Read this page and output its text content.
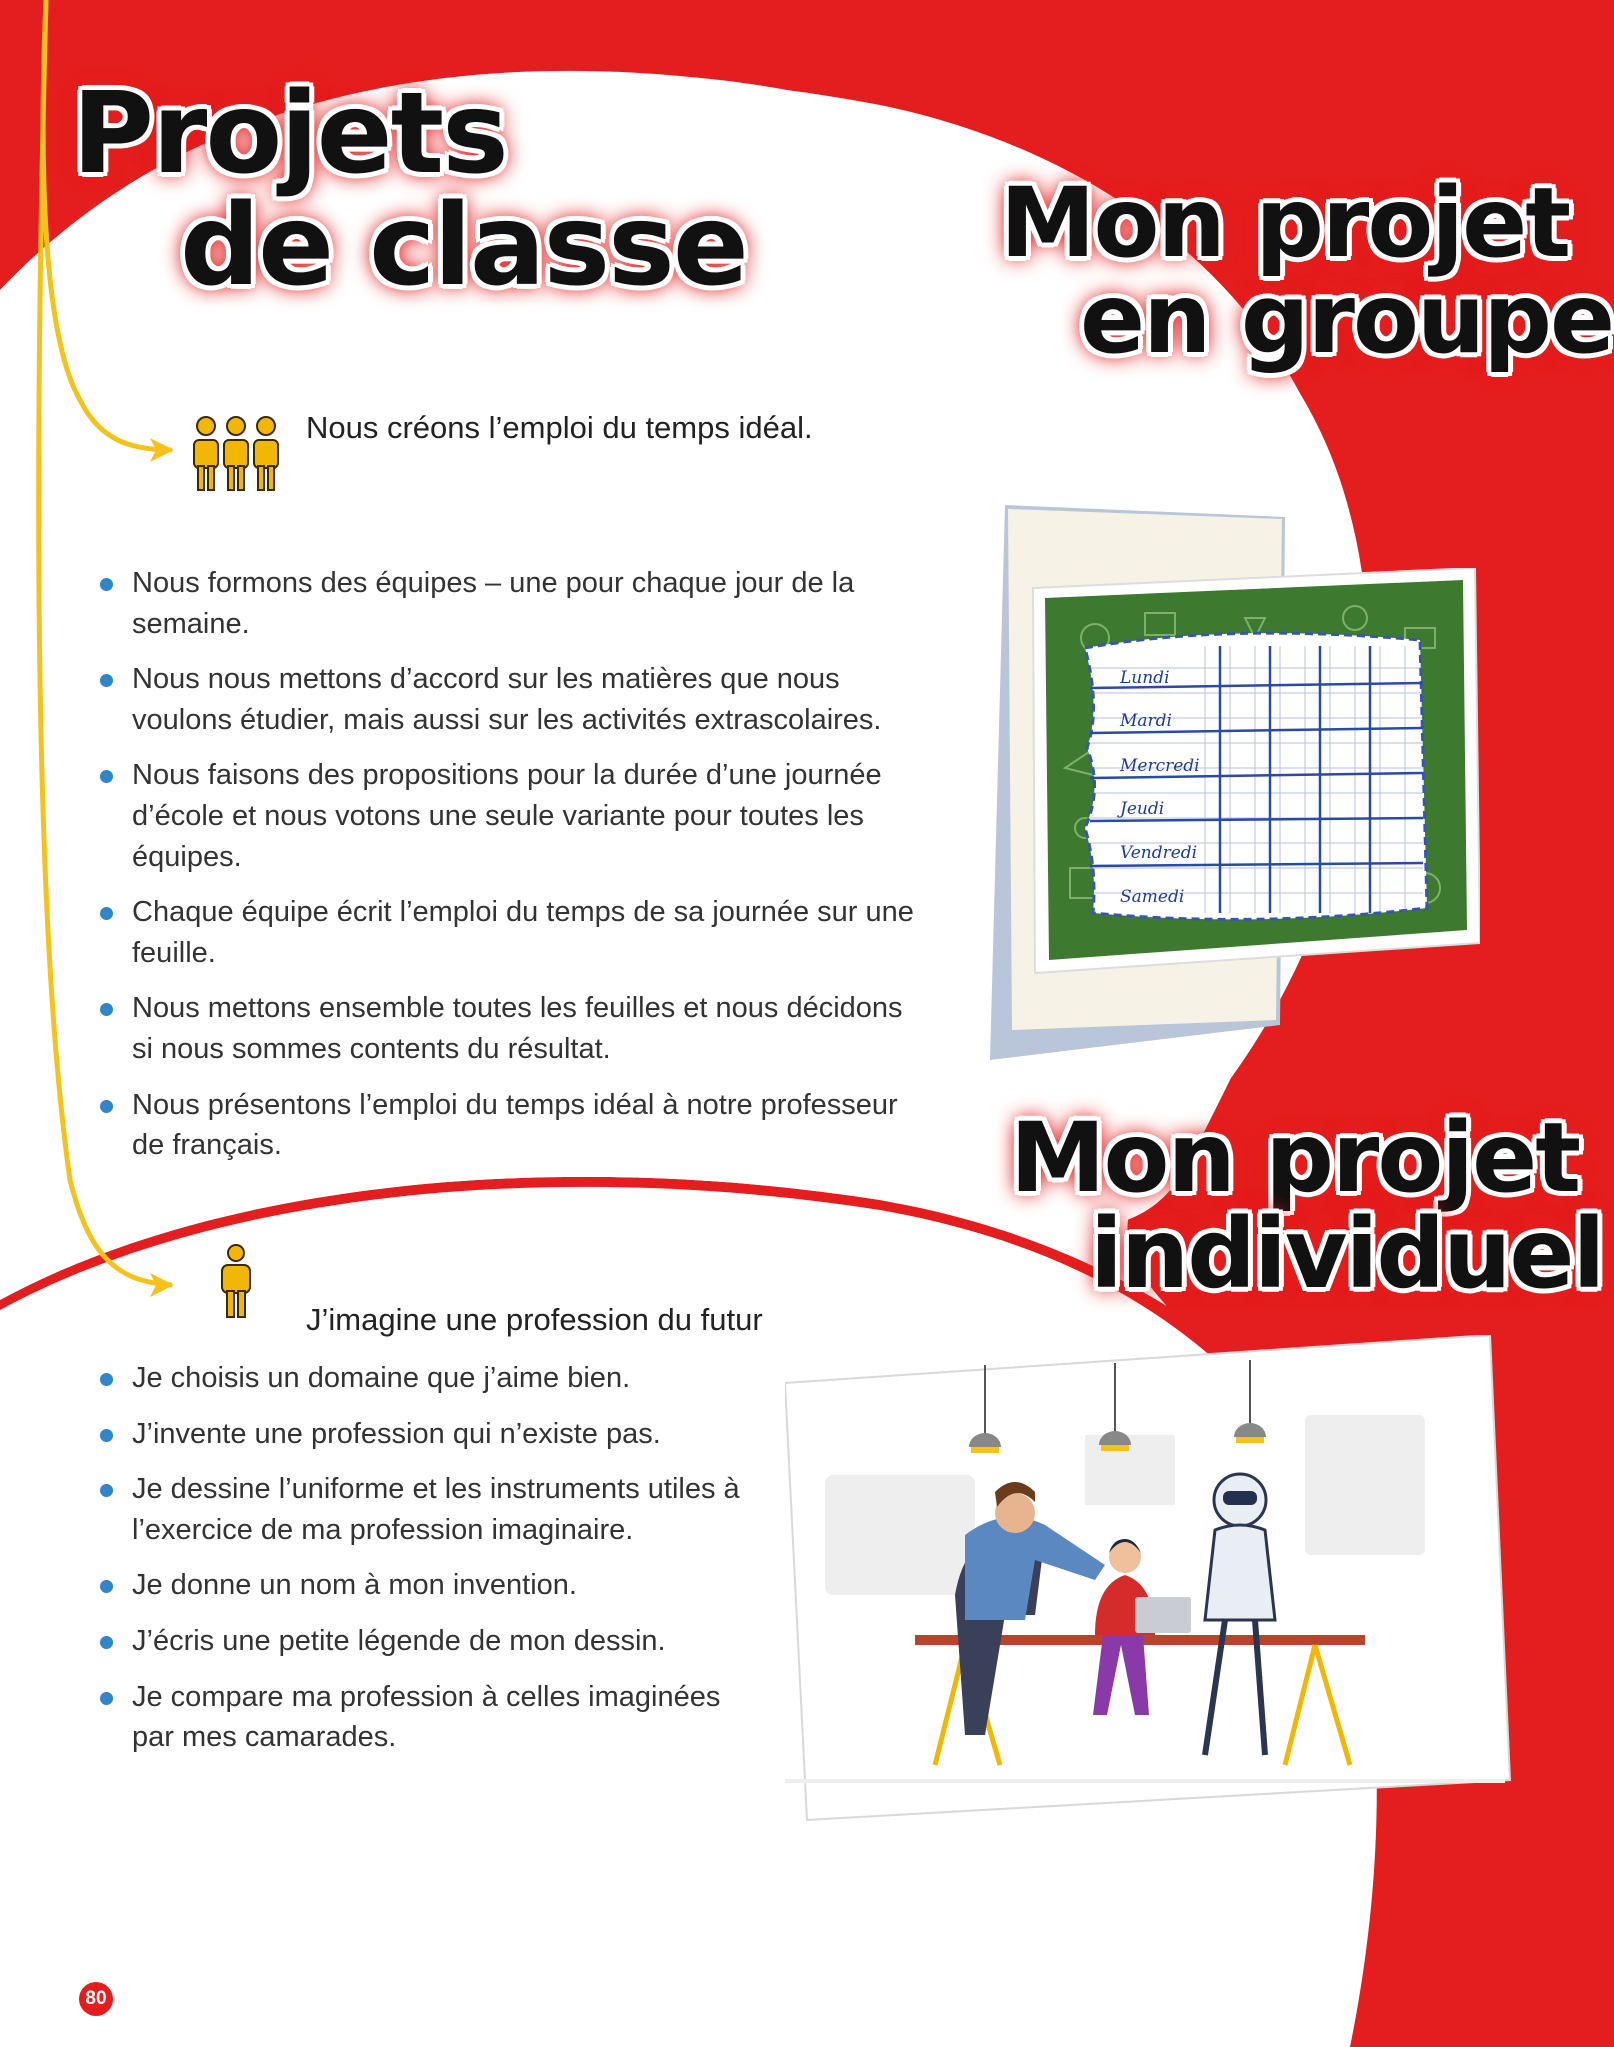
Projets
de classe	Mon projet
en groupe
Mon projet
individuel

Nous créons l’emploi du temps idéal.

Nous formons des équipes – une pour chaque jour de la semaine.
Nous nous mettons d’accord sur les matières que nous voulons étudier, mais aussi sur les activités extrascolaires.
Nous faisons des propositions pour la durée d’une journée d’école et nous votons une seule variante pour toutes les équipes.
Chaque équipe écrit l’emploi du temps de sa journée sur une feuille.
Nous mettons ensemble toutes les feuilles et nous décidons si nous sommes contents du résultat.
Nous présentons l’emploi du temps idéal à notre professeur de français.
Lundi
Mardi
Mercredi
Jeudi
Vendredi
Samedi

J’imagine une profession du futur

Je choisis un domaine que j’aime bien.
J’invente une profession qui n’existe pas.
Je dessine l’uniforme et les instruments utiles à l’exercice de ma profession imaginaire.
Je donne un nom à mon invention.
J’écris une petite légende de mon dessin.
Je compare ma profession à celles imaginées par mes camarades.
80
